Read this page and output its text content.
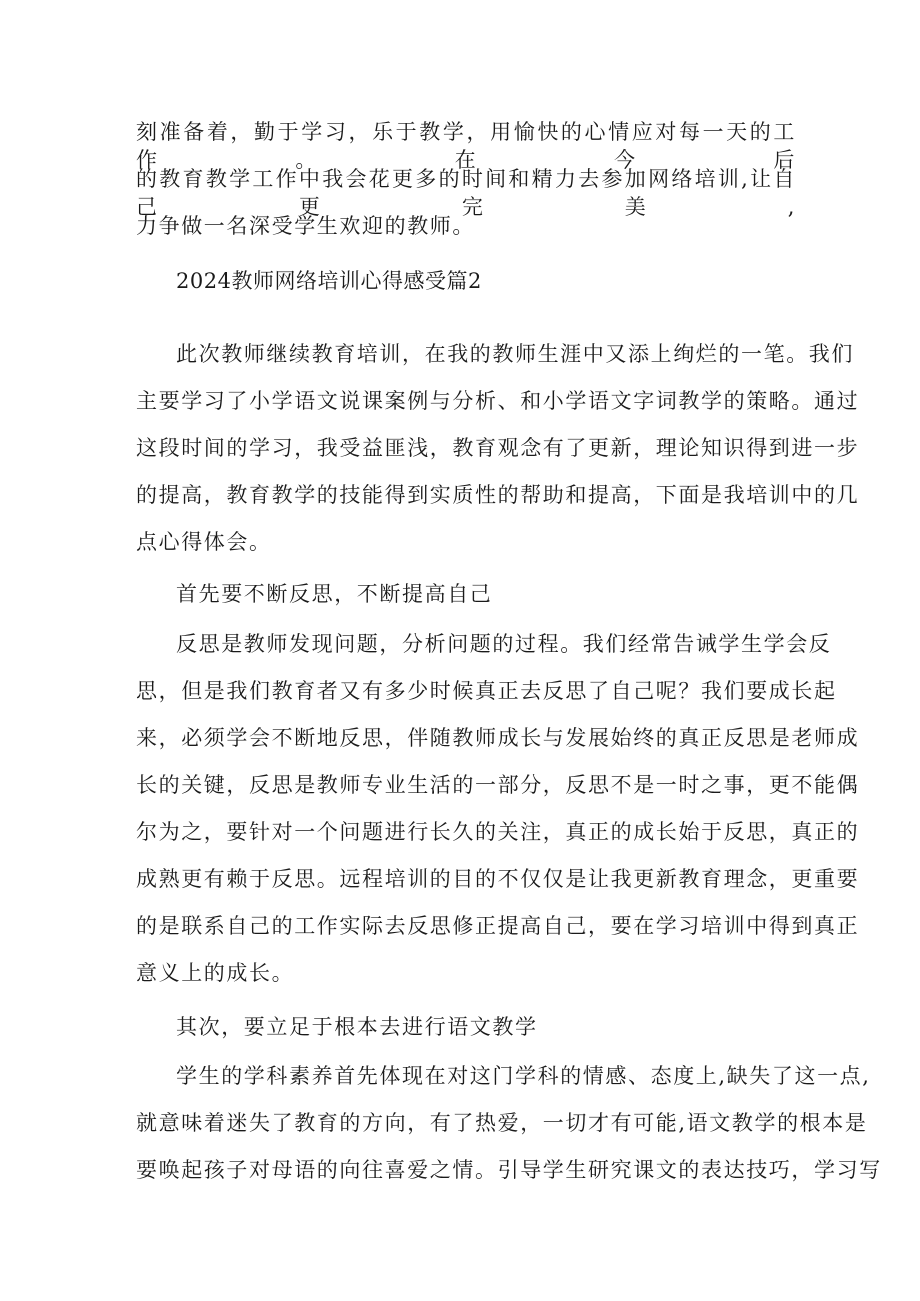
刻准备着，勤于学习，乐于教学，用愉快的心情应对每一天的工作。在今后
的教育教学工作中我会花更多的时间和精力去参加网络培训,让自己更完美,
力争做一名深受学生欢迎的教师。
2024教师网络培训心得感受篇2
此次教师继续教育培训，在我的教师生涯中又添上绚烂的一笔。我们
主要学习了小学语文说课案例与分析、和小学语文字词教学的策略。通过
这段时间的学习，我受益匪浅，教育观念有了更新，理论知识得到进一步
的提高，教育教学的技能得到实质性的帮助和提高，下面是我培训中的几
点心得体会。
首先要不断反思，不断提高自己
反思是教师发现问题，分析问题的过程。我们经常告诫学生学会反
思，但是我们教育者又有多少时候真正去反思了自己呢？我们要成长起
来，必须学会不断地反思，伴随教师成长与发展始终的真正反思是老师成
长的关键，反思是教师专业生活的一部分，反思不是一时之事，更不能偶
尔为之，要针对一个问题进行长久的关注，真正的成长始于反思，真正的
成熟更有赖于反思。远程培训的目的不仅仅是让我更新教育理念，更重要
的是联系自己的工作实际去反思修正提高自己，要在学习培训中得到真正
意义上的成长。
其次，要立足于根本去进行语文教学
学生的学科素养首先体现在对这门学科的情感、态度上,缺失了这一点,
就意味着迷失了教育的方向，有了热爱，一切才有可能,语文教学的根本是
要唤起孩子对母语的向往喜爱之情。引导学生研究课文的表达技巧，学习写
